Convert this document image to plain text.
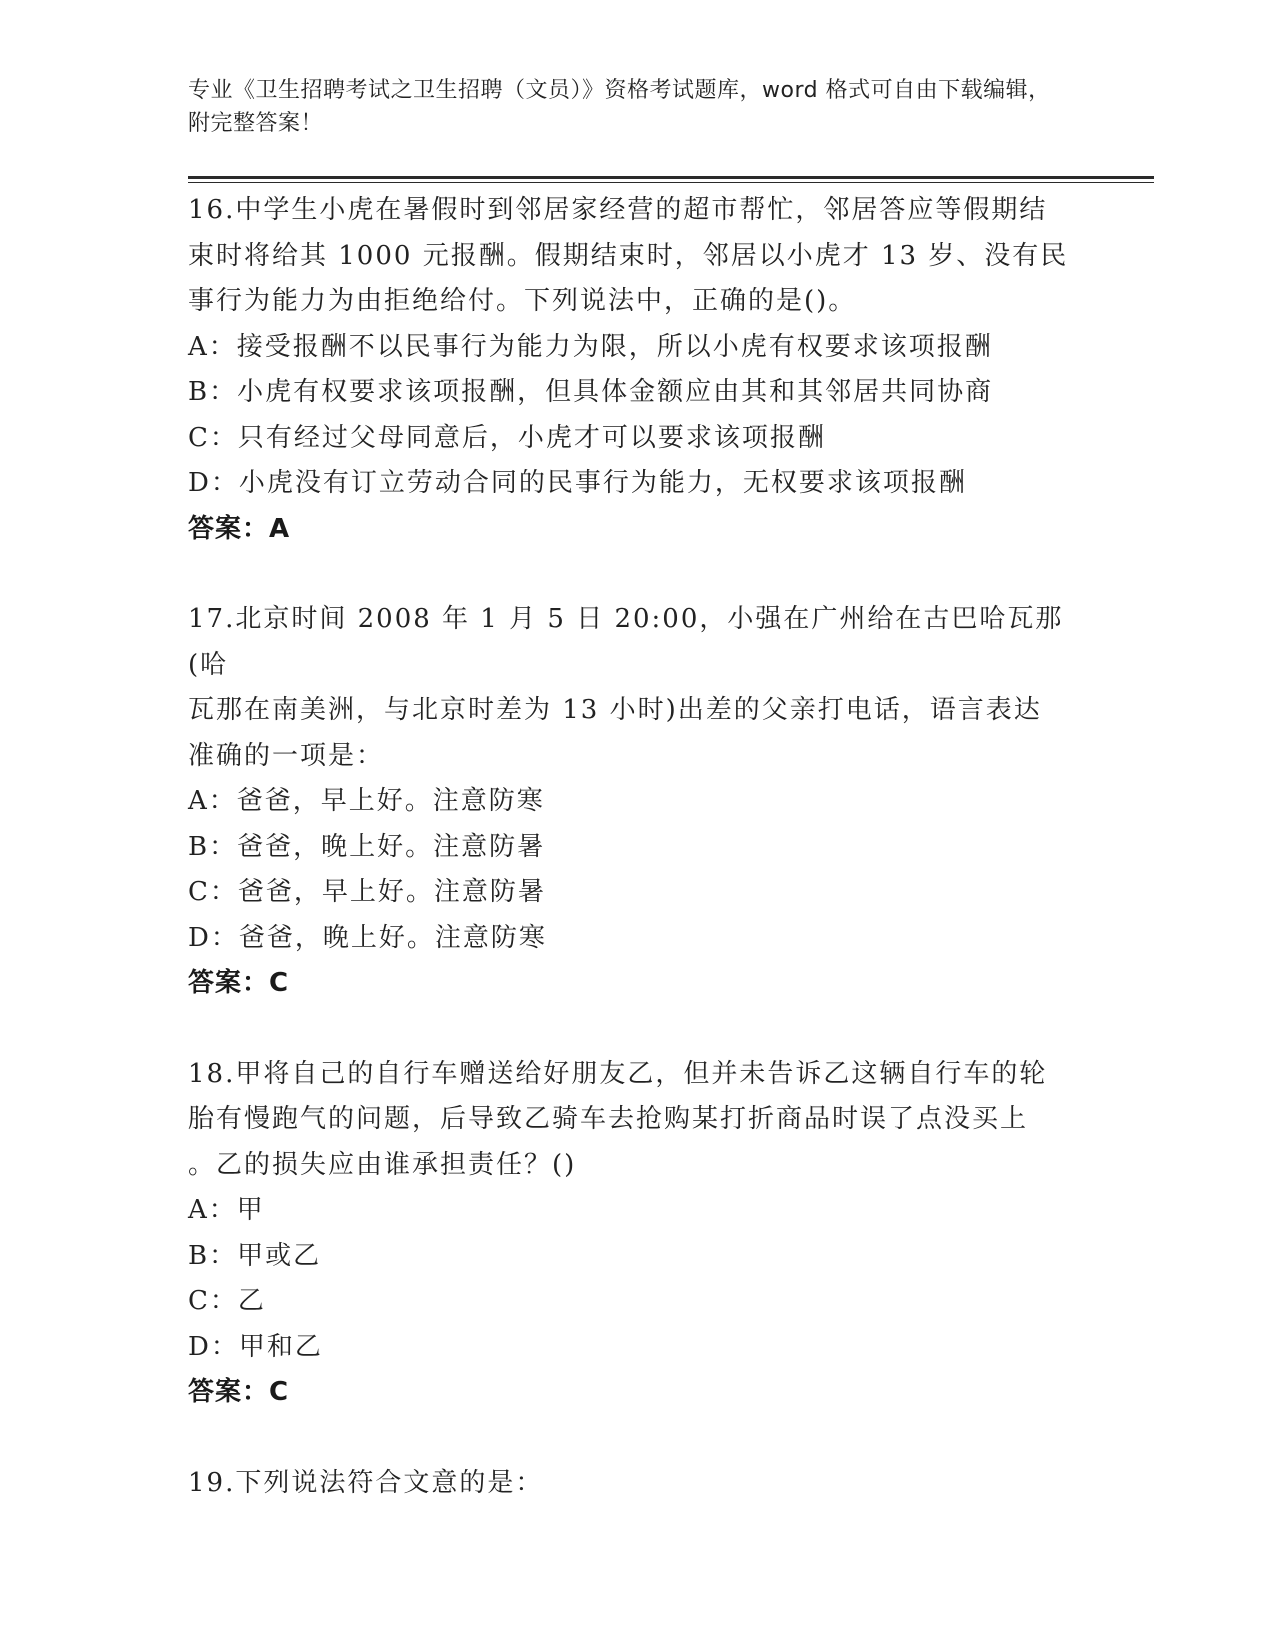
专业《卫生招聘考试之卫生招聘（文员）》资格考试题库，word 格式可自由下载编辑，附完整答案！
16.中学生小虎在暑假时到邻居家经营的超市帮忙，邻居答应等假期结
束时将给其 1000 元报酬。假期结束时，邻居以小虎才 13 岁、没有民
事行为能力为由拒绝给付。下列说法中，正确的是()。
A：接受报酬不以民事行为能力为限，所以小虎有权要求该项报酬
B：小虎有权要求该项报酬，但具体金额应由其和其邻居共同协商
C：只有经过父母同意后，小虎才可以要求该项报酬
D：小虎没有订立劳动合同的民事行为能力，无权要求该项报酬
答案：A
17.北京时间 2008 年 1 月 5 日 20:00，小强在广州给在古巴哈瓦那(哈
瓦那在南美洲，与北京时差为 13 小时)出差的父亲打电话，语言表达
准确的一项是：
A：爸爸，早上好。注意防寒
B：爸爸，晚上好。注意防暑
C：爸爸，早上好。注意防暑
D：爸爸，晚上好。注意防寒
答案：C
18.甲将自己的自行车赠送给好朋友乙，但并未告诉乙这辆自行车的轮
胎有慢跑气的问题，后导致乙骑车去抢购某打折商品时误了点没买上
。乙的损失应由谁承担责任？()
A：甲
B：甲或乙
C：乙
D：甲和乙
答案：C
19.下列说法符合文意的是：
